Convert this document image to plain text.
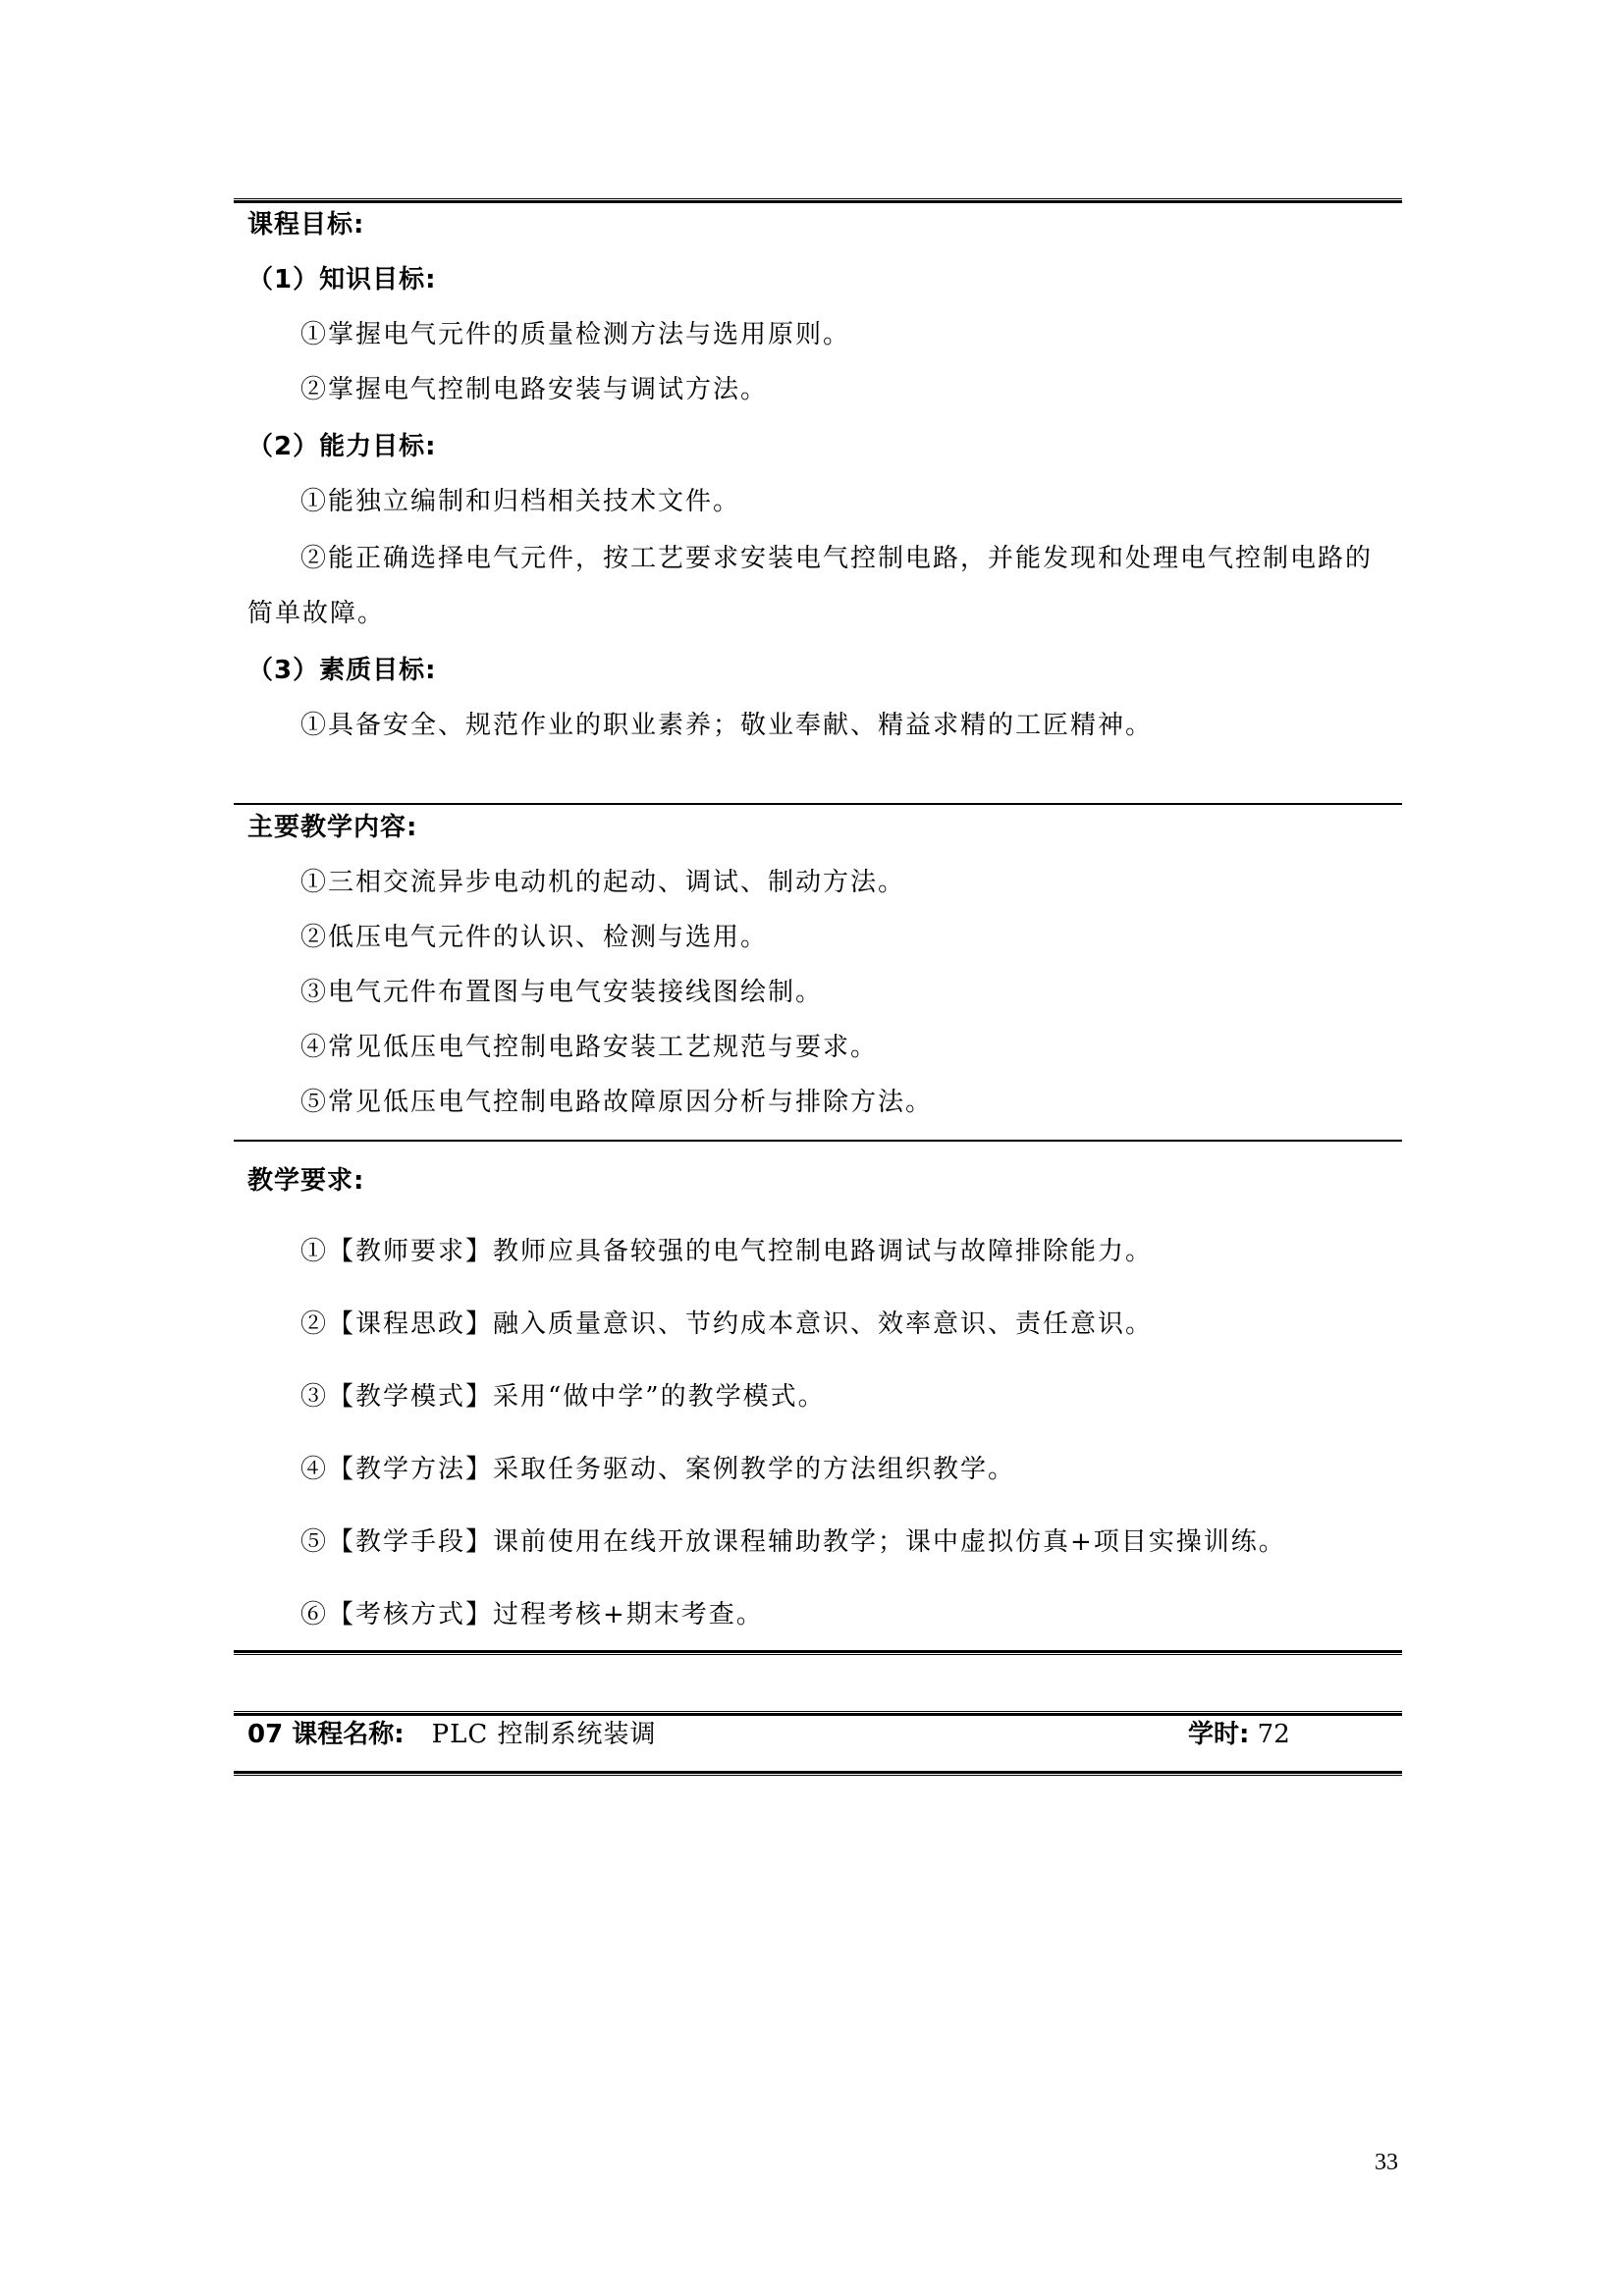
课程目标:
（1）知识目标:
①掌握电气元件的质量检测方法与选用原则。
②掌握电气控制电路安装与调试方法。
（2）能力目标:
①能独立编制和归档相关技术文件。
②能正确选择电气元件，按工艺要求安装电气控制电路，并能发现和处理电气控制电路的简单故障。
（3）素质目标:
①具备安全、规范作业的职业素养；敬业奉献、精益求精的工匠精神。
主要教学内容:
①三相交流异步电动机的起动、调试、制动方法。
②低压电气元件的认识、检测与选用。
③电气元件布置图与电气安装接线图绘制。
④常见低压电气控制电路安装工艺规范与要求。
⑤常见低压电气控制电路故障原因分析与排除方法。
教学要求:
①【教师要求】教师应具备较强的电气控制电路调试与故障排除能力。
②【课程思政】融入质量意识、节约成本意识、效率意识、责任意识。
③【教学模式】采用“做中学”的教学模式。
④【教学方法】采取任务驱动、案例教学的方法组织教学。
⑤【教学手段】课前使用在线开放课程辅助教学；课中虚拟仿真+项目实操训练。
⑥【考核方式】过程考核+期末考查。
07 课程名称: PLC 控制系统装调	学时: 72
33
